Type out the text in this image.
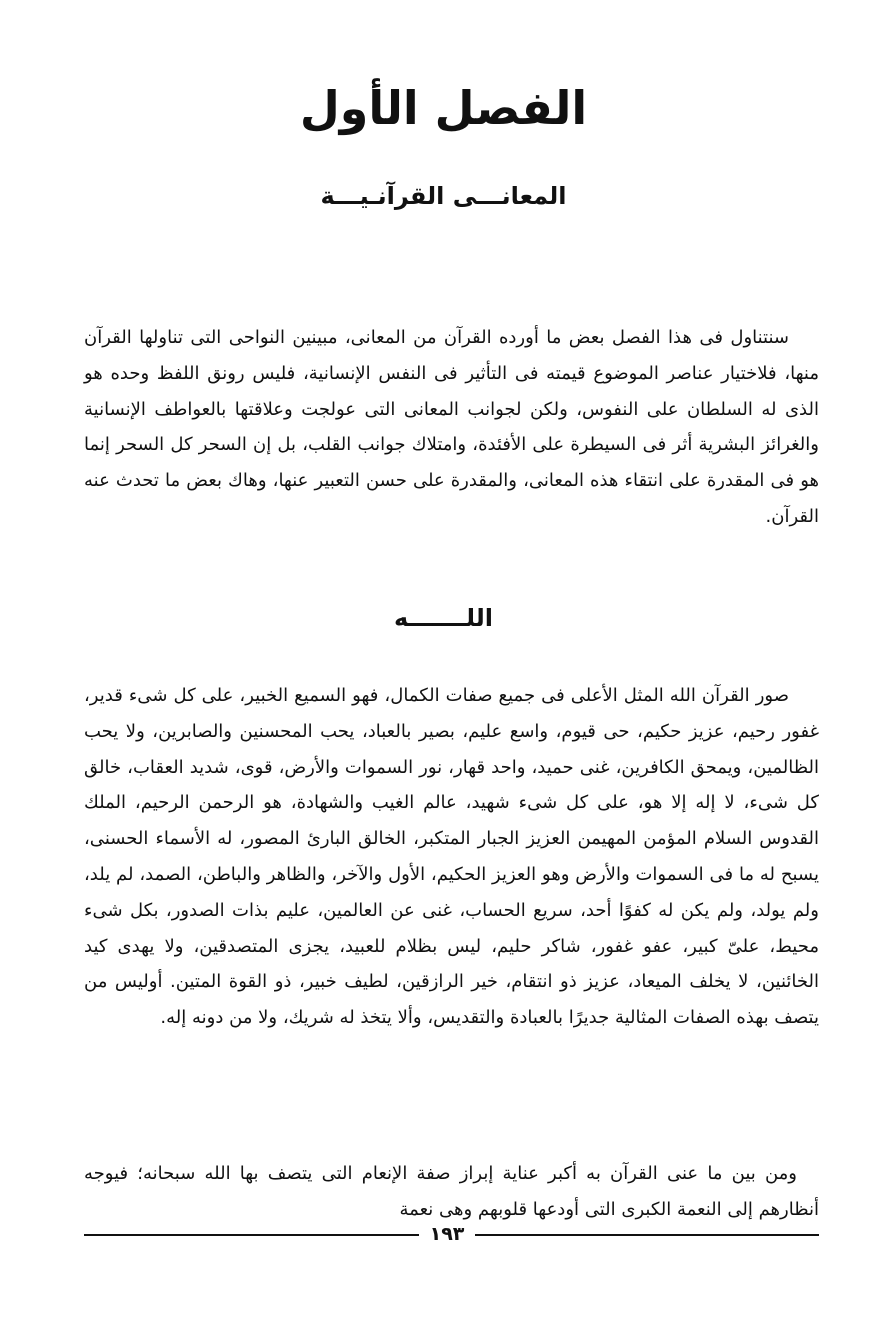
الفصل الأول
المعانـــى القرآنـيـــة

سنتناول فى هذا الفصل بعض ما أورده القرآن من المعانى، مبينين النواحى التى تناولها القرآن منها، فلاختيار عناصر الموضوع قيمته فى التأثير فى النفس الإنسانية، فليس رونق اللفظ وحده هو الذى له السلطان على النفوس، ولكن لجوانب المعانى التى عولجت وعلاقتها بالعواطف الإنسانية والغرائز البشرية أثر فى السيطرة على الأفئدة، وامتلاك جوانب القلب، بل إن السحر كل السحر إنما هو فى المقدرة على انتقاء هذه المعانى، والمقدرة على حسن التعبير عنها، وهاك بعض ما تحدث عنه القرآن.

اللـــــــه

صور القرآن الله المثل الأعلى فى جميع صفات الكمال، فهو السميع الخبير، على كل شىء قدير، غفور رحيم، عزيز حكيم، حى قيوم، واسع عليم، بصير بالعباد، يحب المحسنين والصابرين، ولا يحب الظالمين، ويمحق الكافرين، غنى حميد، واحد قهار، نور السموات والأرض، قوى، شديد العقاب، خالق كل شىء، لا إله إلا هو، على كل شىء شهيد، عالم الغيب والشهادة، هو الرحمن الرحيم، الملك القدوس السلام المؤمن المهيمن العزيز الجبار المتكبر، الخالق البارئ المصور، له الأسماء الحسنى، يسبح له ما فى السموات والأرض وهو العزيز الحكيم، الأول والآخر، والظاهر والباطن، الصمد، لم يلد، ولم يولد، ولم يكن له كفوًا أحد، سريع الحساب، غنى عن العالمين، عليم بذات الصدور، بكل شىء محيط، علىّ كبير، عفو غفور، شاكر حليم، ليس بظلام للعبيد، يجزى المتصدقين، ولا يهدى كيد الخائنين، لا يخلف الميعاد، عزيز ذو انتقام، خير الرازقين، لطيف خبير، ذو القوة المتين. أوليس من يتصف بهذه الصفات المثالية جديرًا بالعبادة والتقديس، وألا يتخذ له شريك، ولا من دونه إله.

ومن بين ما عنى القرآن به أكبر عناية إبراز صفة الإنعام التى يتصف بها الله سبحانه؛ فيوجه أنظارهم إلى النعمة الكبرى التى أودعها قلوبهم وهى نعمة

١٩٣
